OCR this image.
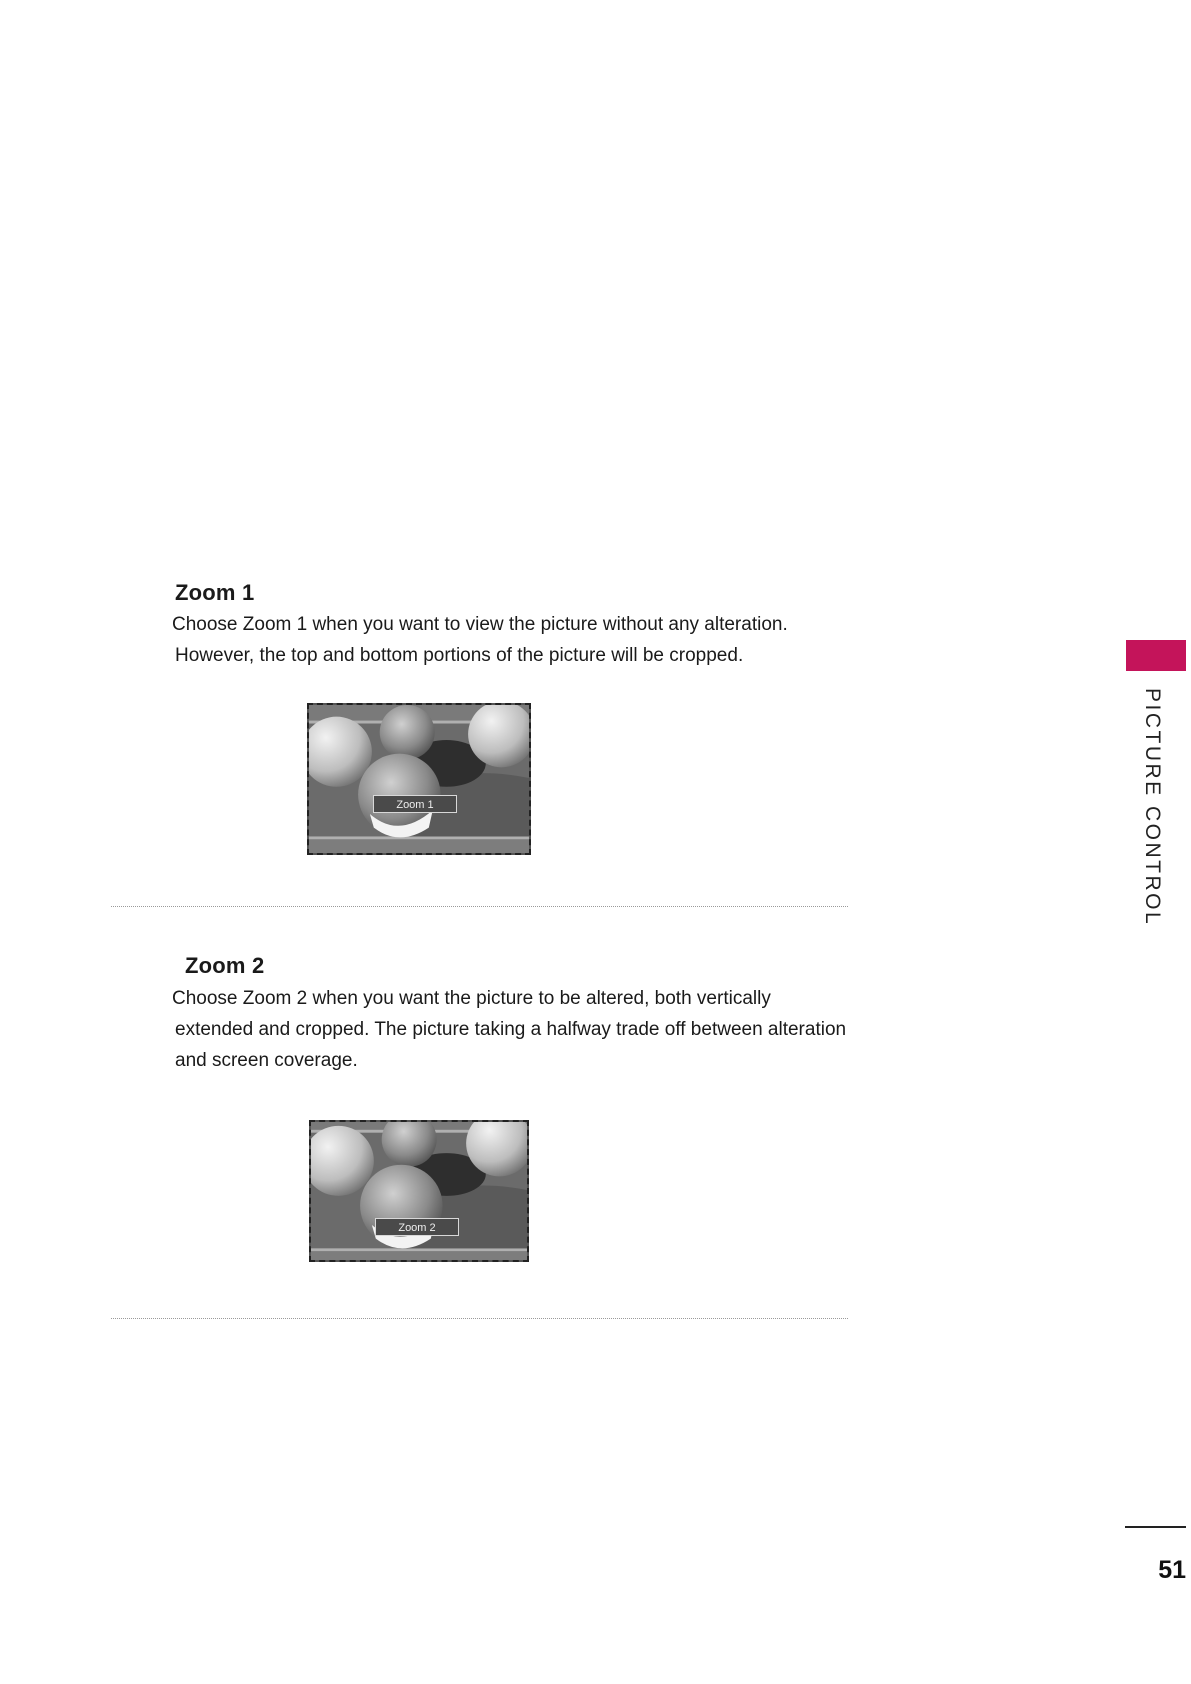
Zoom 1

Choose Zoom 1 when you want to view the picture without any alteration.
However, the top and bottom portions of the picture will be cropped.

Zoom 1
Zoom 2

Choose Zoom 2 when you want the picture to be altered, both vertically
extended and cropped. The picture taking a halfway trade off between alteration
and screen coverage.

Zoom 2
PICTURE CONTROL
51
